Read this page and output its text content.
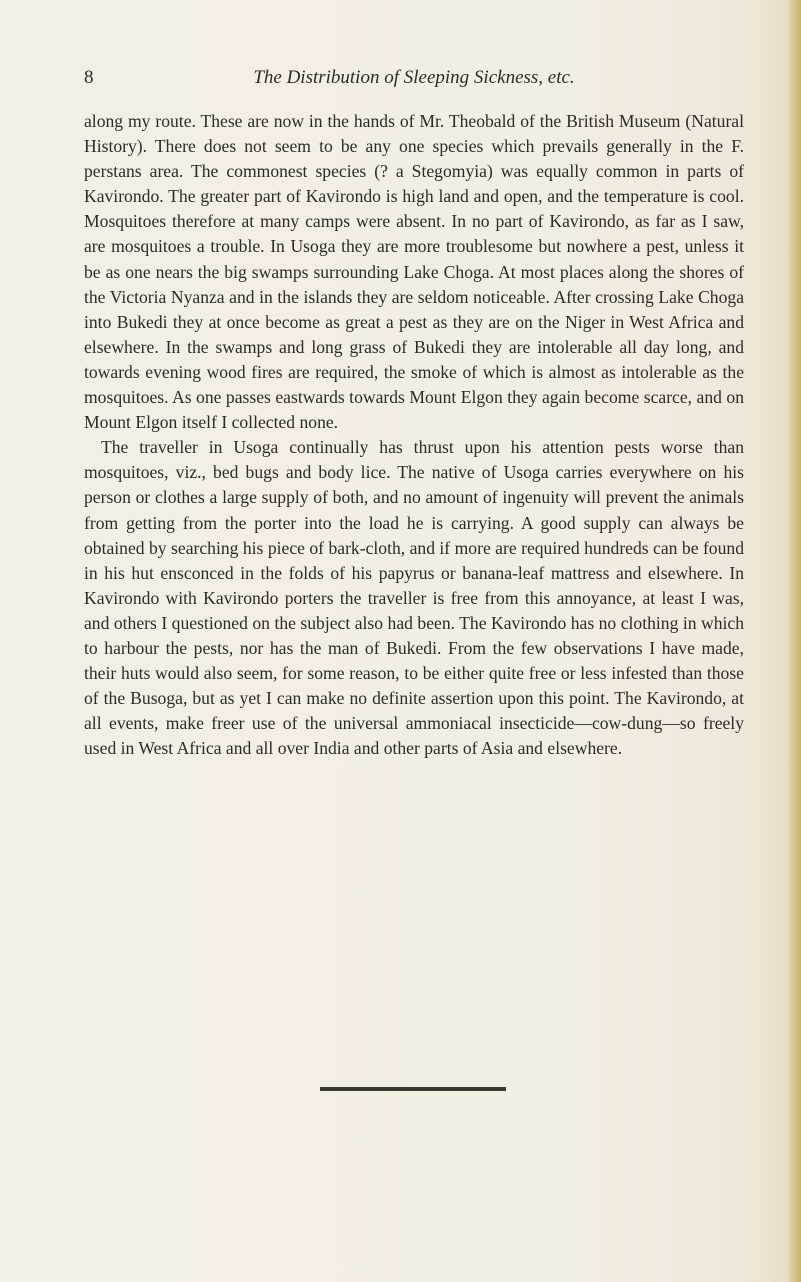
8	The Distribution of Sleeping Sickness, etc.

along my route. These are now in the hands of Mr. Theobald of the British Museum (Natural History). There does not seem to be any one species which prevails generally in the F. perstans area. The commonest species (? a Stegomyia) was equally common in parts of Kavirondo. The greater part of Kavirondo is high land and open, and the temperature is cool. Mosquitoes therefore at many camps were absent. In no part of Kavirondo, as far as I saw, are mosquitoes a trouble. In Usoga they are more troublesome but nowhere a pest, unless it be as one nears the big swamps surrounding Lake Choga. At most places along the shores of the Victoria Nyanza and in the islands they are seldom noticeable. After crossing Lake Choga into Bukedi they at once become as great a pest as they are on the Niger in West Africa and elsewhere. In the swamps and long grass of Bukedi they are intolerable all day long, and towards evening wood fires are required, the smoke of which is almost as intolerable as the mosquitoes. As one passes eastwards towards Mount Elgon they again become scarce, and on Mount Elgon itself I collected none.

The traveller in Usoga continually has thrust upon his attention pests worse than mosquitoes, viz., bed bugs and body lice. The native of Usoga carries everywhere on his person or clothes a large supply of both, and no amount of ingenuity will prevent the animals from getting from the porter into the load he is carrying. A good supply can always be obtained by searching his piece of bark-cloth, and if more are required hundreds can be found in his hut ensconced in the folds of his papyrus or banana-leaf mattress and elsewhere. In Kavirondo with Kavirondo porters the traveller is free from this annoyance, at least I was, and others I questioned on the subject also had been. The Kavirondo has no clothing in which to harbour the pests, nor has the man of Bukedi. From the few observations I have made, their huts would also seem, for some reason, to be either quite free or less infested than those of the Busoga, but as yet I can make no definite assertion upon this point. The Kavirondo, at all events, make freer use of the universal ammoniacal insecticide—cow-dung—so freely used in West Africa and all over India and other parts of Asia and elsewhere.
